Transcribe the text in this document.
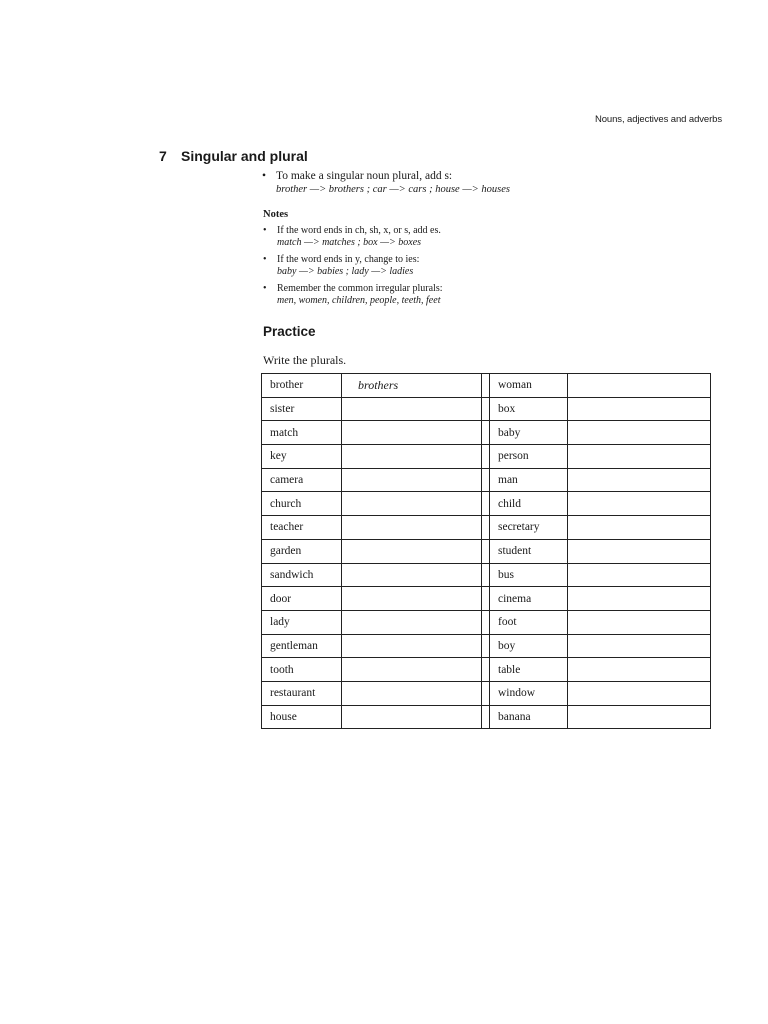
Nouns, adjectives and adverbs
7 Singular and plural
• To make a singular noun plural, add s:
brother —> brothers ; car —> cars ; house —> houses
Notes
• If the word ends in ch, sh, x, or s, add es.
match —> matches ; box —> boxes
• If the word ends in y, change to ies:
baby —> babies ; lady —> ladies
• Remember the common irregular plurals:
men, women, children, people, teeth, feet
Practice
Write the plurals.
brother	brothers		woman	
sister			box	
match			baby	
key			person	
camera			man	
church			child	
teacher			secretary	
garden			student	
sandwich			bus	
door			cinema	
lady			foot	
gentleman			boy	
tooth			table	
restaurant			window	
house			banana	
